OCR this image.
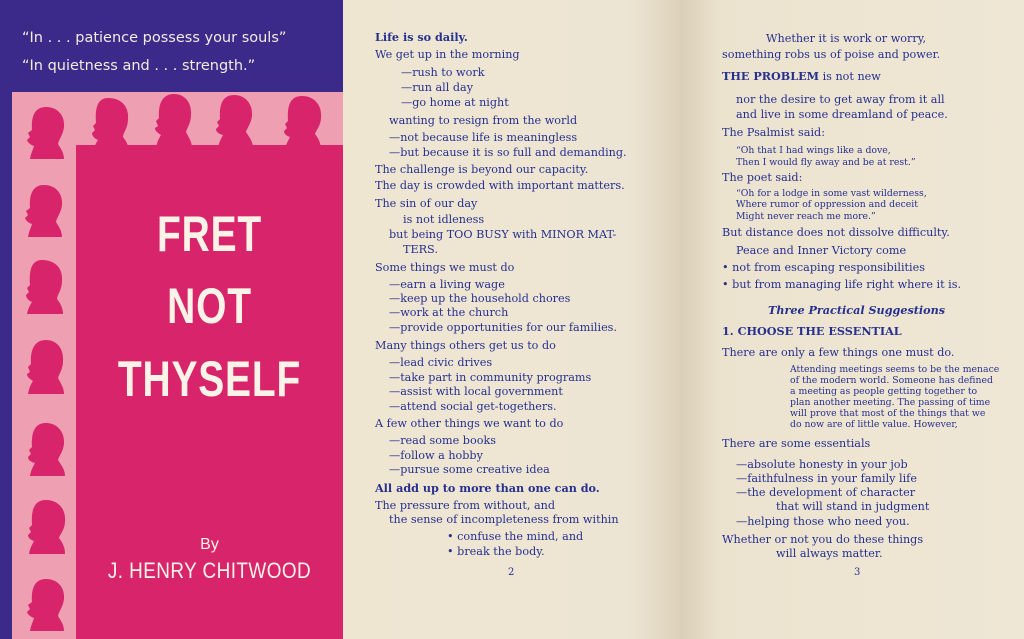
“In . . . patience possess your souls”
“In quietness and . . . strength.”
FRET
NOT
THYSELF
By
J. HENRY CHITWOOD
Life is so daily.
We get up in the morning
—rush to work
—run all day
—go home at night
wanting to resign from the world
—not because life is meaningless
—but because it is so full and demanding.
The challenge is beyond our capacity.
The day is crowded with important matters.
The sin of our day
is not idleness
but being TOO BUSY with MINOR MAT-
TERS.
Some things we must do
—earn a living wage
—keep up the household chores
—work at the church
—provide opportunities for our families.
Many things others get us to do
—lead civic drives
—take part in community programs
—assist with local government
—attend social get-togethers.
A few other things we want to do
—read some books
—follow a hobby
—pursue some creative idea
All add up to more than one can do.
The pressure from without, and
the sense of incompleteness from within
• confuse the mind, and
• break the body.
2
Whether it is work or worry,
something robs us of poise and power.
THE PROBLEM is not new
nor the desire to get away from it all
and live in some dreamland of peace.
The Psalmist said:
“Oh that I had wings like a dove,
Then I would fly away and be at rest.”
The poet said:
“Oh for a lodge in some vast wilderness,
Where rumor of oppression and deceit
Might never reach me more.”
But distance does not dissolve difficulty.
Peace and Inner Victory come
• not from escaping responsibilities
• but from managing life right where it is.
Three Practical Suggestions
1. CHOOSE THE ESSENTIAL
There are only a few things one must do.
Attending meetings seems to be the menace
of the modern world. Someone has defined
a meeting as people getting together to
plan another meeting. The passing of time
will prove that most of the things that we
do now are of little value. However,
There are some essentials
—absolute honesty in your job
—faithfulness in your family life
—the development of character
that will stand in judgment
—helping those who need you.
Whether or not you do these things
will always matter.
3
